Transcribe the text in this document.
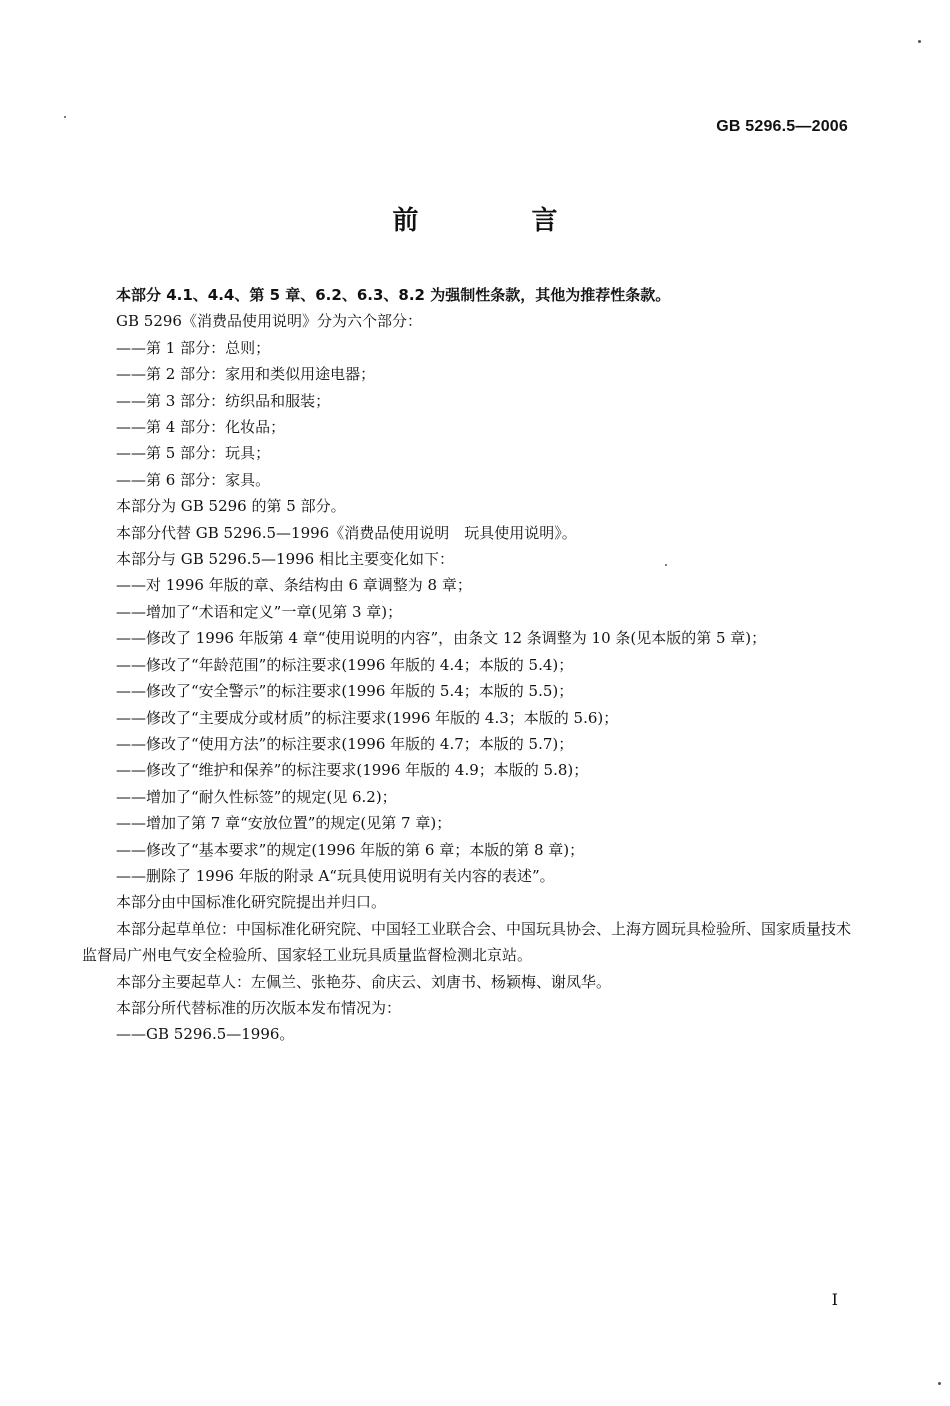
GB 5296.5—2006
前 言

本部分 4.1、4.4、第 5 章、6.2、6.3、8.2 为强制性条款，其他为推荐性条款。

GB 5296《消费品使用说明》分为六个部分：

——第 1 部分：总则；

——第 2 部分：家用和类似用途电器；

——第 3 部分：纺织品和服装；

——第 4 部分：化妆品；

——第 5 部分：玩具；

——第 6 部分：家具。

本部分为 GB 5296 的第 5 部分。

本部分代替 GB 5296.5—1996《消费品使用说明　玩具使用说明》。

本部分与 GB 5296.5—1996 相比主要变化如下：

——对 1996 年版的章、条结构由 6 章调整为 8 章；

——增加了“术语和定义”一章(见第 3 章)；

——修改了 1996 年版第 4 章“使用说明的内容”，由条文 12 条调整为 10 条(见本版的第 5 章)；

——修改了“年龄范围”的标注要求(1996 年版的 4.4；本版的 5.4)；

——修改了“安全警示”的标注要求(1996 年版的 5.4；本版的 5.5)；

——修改了“主要成分或材质”的标注要求(1996 年版的 4.3；本版的 5.6)；

——修改了“使用方法”的标注要求(1996 年版的 4.7；本版的 5.7)；

——修改了“维护和保养”的标注要求(1996 年版的 4.9；本版的 5.8)；

——增加了“耐久性标签”的规定(见 6.2)；

——增加了第 7 章“安放位置”的规定(见第 7 章)；

——修改了“基本要求”的规定(1996 年版的第 6 章；本版的第 8 章)；

——删除了 1996 年版的附录 A“玩具使用说明有关内容的表述”。

本部分由中国标准化研究院提出并归口。

本部分起草单位：中国标准化研究院、中国轻工业联合会、中国玩具协会、上海方圆玩具检验所、国家质量技术监督局广州电气安全检验所、国家轻工业玩具质量监督检测北京站。

本部分主要起草人：左佩兰、张艳芬、俞庆云、刘唐书、杨颖梅、谢凤华。

本部分所代替标准的历次版本发布情况为：

——GB 5296.5—1996。

I
